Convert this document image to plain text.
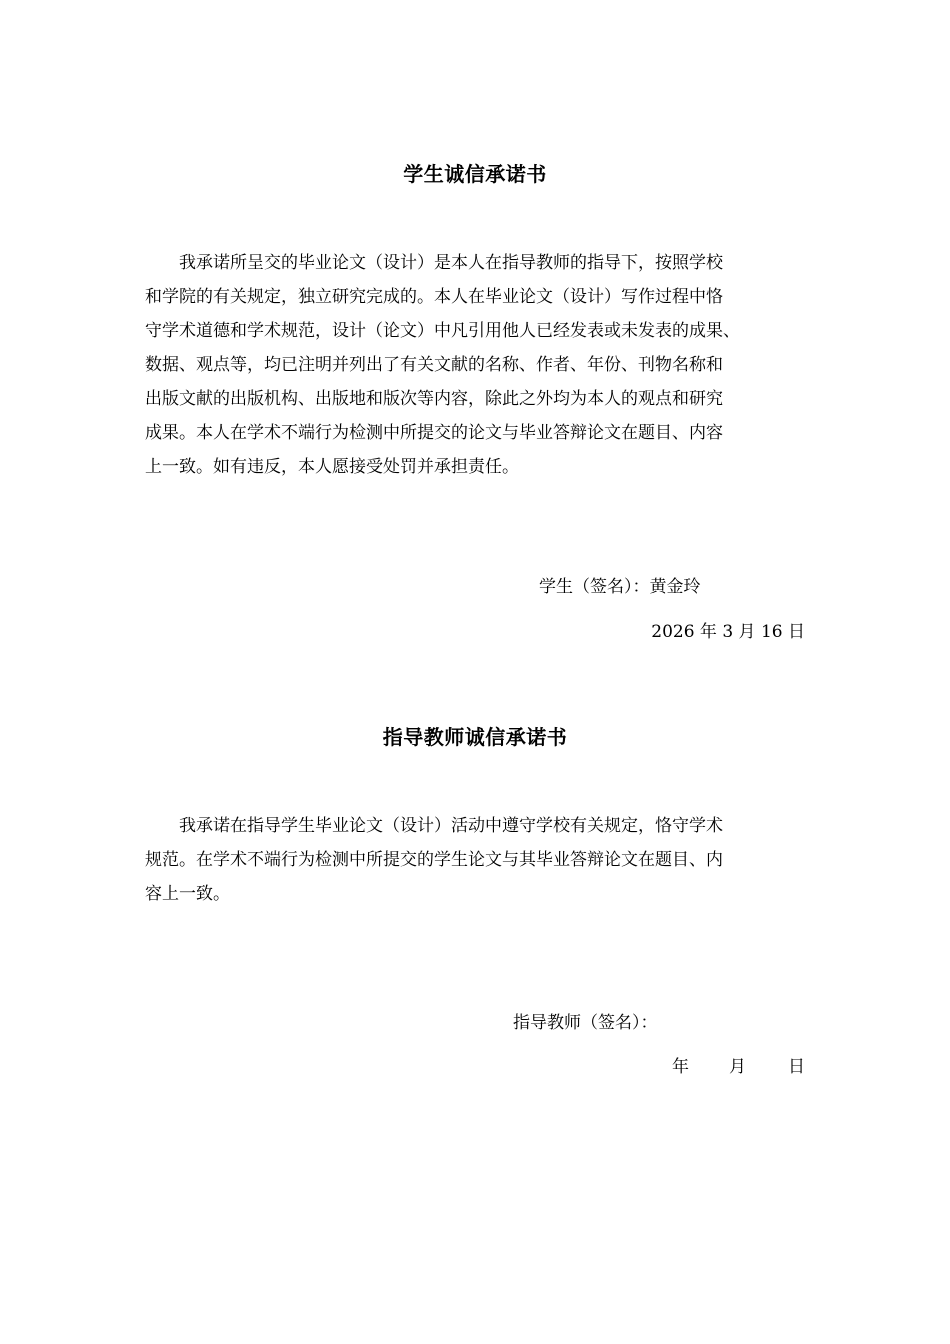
学生诚信承诺书
我承诺所呈交的毕业论文（设计）是本人在指导教师的指导下，按照学校
和学院的有关规定，独立研究完成的。本人在毕业论文（设计）写作过程中恪
守学术道德和学术规范，设计（论文）中凡引用他人已经发表或未发表的成果、
数据、观点等，均已注明并列出了有关文献的名称、作者、年份、刊物名称和
出版文献的出版机构、出版地和版次等内容，除此之外均为本人的观点和研究
成果。本人在学术不端行为检测中所提交的论文与毕业答辩论文在题目、内容
上一致。如有违反，本人愿接受处罚并承担责任。
学生（签名）：黄金玲
2026 年 3 月 16 日
指导教师诚信承诺书
我承诺在指导学生毕业论文（设计）活动中遵守学校有关规定，恪守学术
规范。在学术不端行为检测中所提交的学生论文与其毕业答辩论文在题目、内
容上一致。
指导教师（签名）：
年 月 日
